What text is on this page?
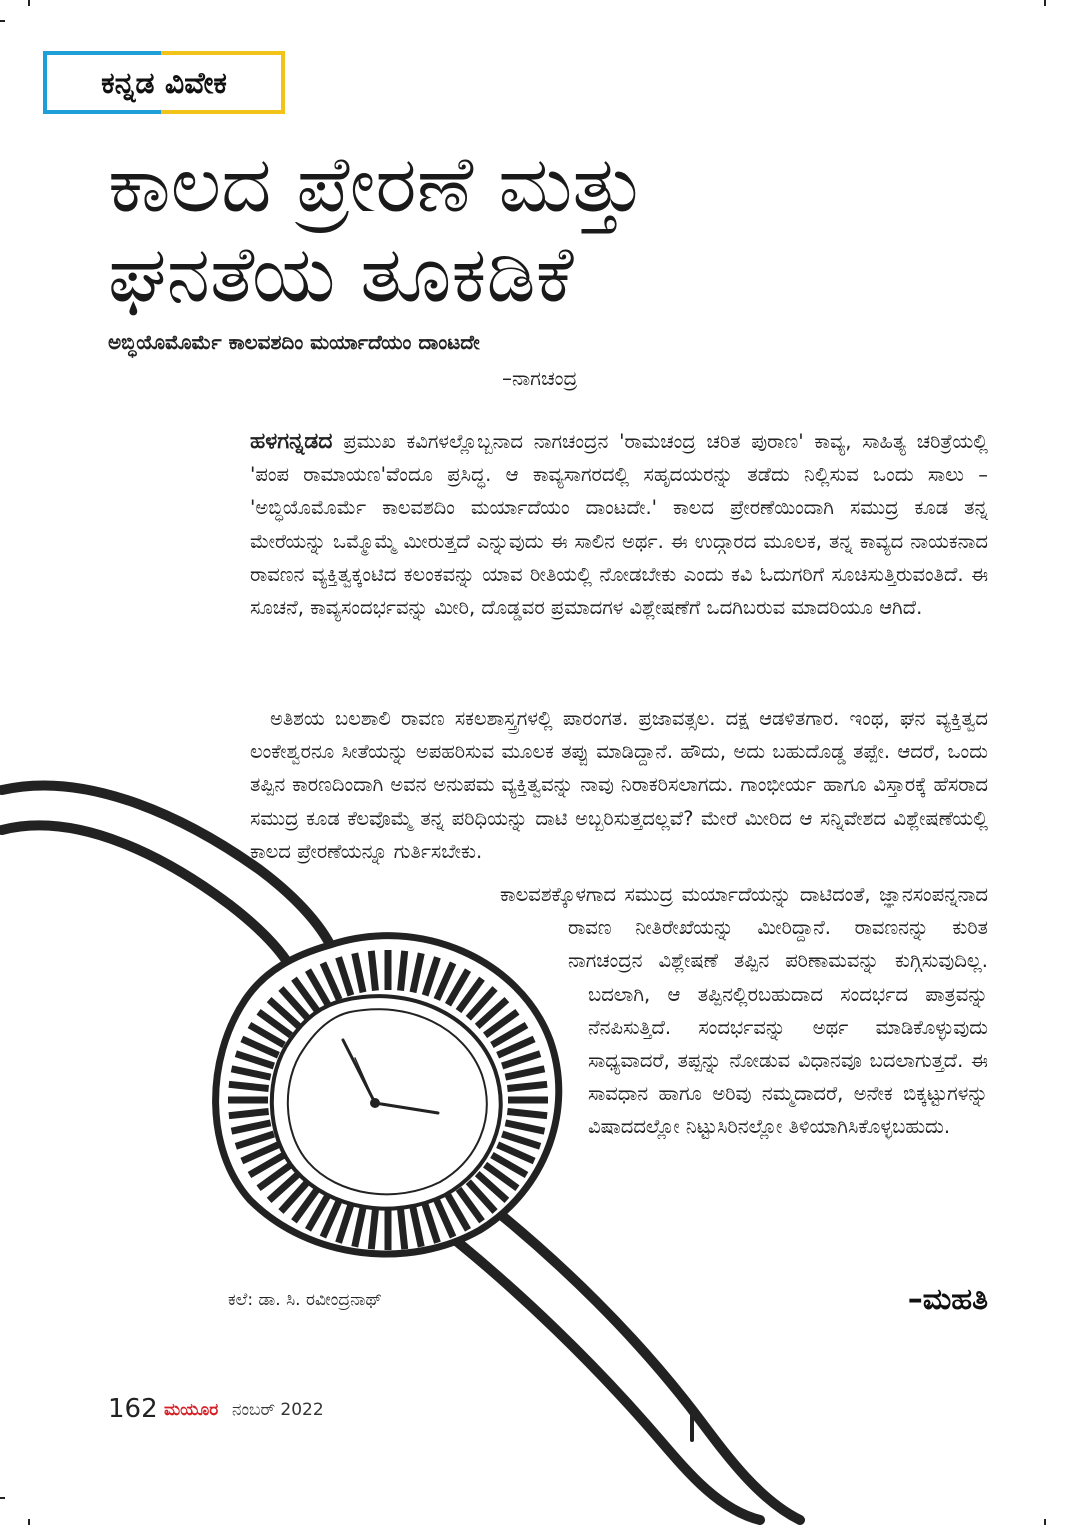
ಕನ್ನಡ ವಿವೇಕ
ಕಾಲದ ಪ್ರೇರಣೆ ಮತ್ತು
ಘನತೆಯ ತೂಕಡಿಕೆ
ಅಬ್ಧಿಯೊಮೊರ್ಮೆ ಕಾಲವಶದಿಂ ಮರ್ಯಾದೆಯಂ ದಾಂಟದೇ
–ನಾಗಚಂದ್ರ

ಹಳಗನ್ನಡದ ಪ್ರಮುಖ ಕವಿಗಳಲ್ಲೊಬ್ಬನಾದ ನಾಗಚಂದ್ರನ 'ರಾಮಚಂದ್ರ ಚರಿತ ಪುರಾಣ' ಕಾವ್ಯ, ಸಾಹಿತ್ಯ ಚರಿತ್ರೆಯಲ್ಲಿ 'ಪಂಪ ರಾಮಾಯಣ'ವೆಂದೂ ಪ್ರಸಿದ್ಧ. ಆ ಕಾವ್ಯಸಾಗರದಲ್ಲಿ ಸಹೃದಯರನ್ನು ತಡೆದು ನಿಲ್ಲಿಸುವ ಒಂದು ಸಾಲು – 'ಅಬ್ಧಿಯೊಮೊರ್ಮೆ ಕಾಲವಶದಿಂ ಮರ್ಯಾದೆಯಂ ದಾಂಟದೇ.' ಕಾಲದ ಪ್ರೇರಣೆಯಿಂದಾಗಿ ಸಮುದ್ರ ಕೂಡ ತನ್ನ ಮೇರೆಯನ್ನು ಒಮ್ಮೊಮ್ಮೆ ಮೀರುತ್ತದೆ ಎನ್ನುವುದು ಈ ಸಾಲಿನ ಅರ್ಥ. ಈ ಉದ್ಗಾರದ ಮೂಲಕ, ತನ್ನ ಕಾವ್ಯದ ನಾಯಕನಾದ ರಾವಣನ ವ್ಯಕ್ತಿತ್ವಕ್ಕಂಟಿದ ಕಲಂಕವನ್ನು ಯಾವ ರೀತಿಯಲ್ಲಿ ನೋಡಬೇಕು ಎಂದು ಕವಿ ಓದುಗರಿಗೆ ಸೂಚಿಸುತ್ತಿರುವಂತಿದೆ. ಈ ಸೂಚನೆ, ಕಾವ್ಯಸಂದರ್ಭವನ್ನು ಮೀರಿ, ದೊಡ್ಡವರ ಪ್ರಮಾದಗಳ ವಿಶ್ಲೇಷಣೆಗೆ ಒದಗಿಬರುವ ಮಾದರಿಯೂ ಆಗಿದೆ.

ಅತಿಶಯ ಬಲಶಾಲಿ ರಾವಣ ಸಕಲಶಾಸ್ತ್ರಗಳಲ್ಲಿ ಪಾರಂಗತ. ಪ್ರಜಾವತ್ಸಲ. ದಕ್ಷ ಆಡಳಿತಗಾರ. ಇಂಥ, ಘನ ವ್ಯಕ್ತಿತ್ವದ ಲಂಕೇಶ್ವರನೂ ಸೀತೆಯನ್ನು ಅಪಹರಿಸುವ ಮೂಲಕ ತಪ್ಪು ಮಾಡಿದ್ದಾನೆ. ಹೌದು, ಅದು ಬಹುದೊಡ್ಡ ತಪ್ಪೇ. ಆದರೆ, ಒಂದು ತಪ್ಪಿನ ಕಾರಣದಿಂದಾಗಿ ಅವನ ಅನುಪಮ ವ್ಯಕ್ತಿತ್ವವನ್ನು ನಾವು ನಿರಾಕರಿಸಲಾಗದು. ಗಾಂಭೀರ್ಯ ಹಾಗೂ ವಿಸ್ತಾರಕ್ಕೆ ಹೆಸರಾದ ಸಮುದ್ರ ಕೂಡ ಕೆಲವೊಮ್ಮೆ ತನ್ನ ಪರಿಧಿಯನ್ನು ದಾಟಿ ಅಬ್ಬರಿಸುತ್ತದಲ್ಲವೆ? ಮೇರೆ ಮೀರಿದ ಆ ಸನ್ನಿವೇಶದ ವಿಶ್ಲೇಷಣೆಯಲ್ಲಿ ಕಾಲದ ಪ್ರೇರಣೆಯನ್ನೂ ಗುರ್ತಿಸಬೇಕು.

ಕಾಲವಶಕ್ಕೊಳಗಾದ ಸಮುದ್ರ ಮರ್ಯಾದೆಯನ್ನು ದಾಟಿದಂತೆ, ಜ್ಞಾನಸಂಪನ್ನನಾದ ರಾವಣ ನೀತಿರೇಖೆಯನ್ನು ಮೀರಿದ್ದಾನೆ. ರಾವಣನನ್ನು ಕುರಿತ ನಾಗಚಂದ್ರನ ವಿಶ್ಲೇಷಣೆ ತಪ್ಪಿನ ಪರಿಣಾಮವನ್ನು ಕುಗ್ಗಿಸುವುದಿಲ್ಲ. ಬದಲಾಗಿ, ಆ ತಪ್ಪಿನಲ್ಲಿರಬಹುದಾದ ಸಂದರ್ಭದ ಪಾತ್ರವನ್ನು ನೆನಪಿಸುತ್ತಿದೆ. ಸಂದರ್ಭವನ್ನು ಅರ್ಥ ಮಾಡಿಕೊಳ್ಳುವುದು ಸಾಧ್ಯವಾದರೆ, ತಪ್ಪನ್ನು ನೋಡುವ ವಿಧಾನವೂ ಬದಲಾಗುತ್ತದೆ. ಈ ಸಾವಧಾನ ಹಾಗೂ ಅರಿವು ನಮ್ಮದಾದರೆ, ಅನೇಕ ಬಿಕ್ಕಟ್ಟುಗಳನ್ನು ವಿಷಾದದಲ್ಲೋ ನಿಟ್ಟುಸಿರಿನಲ್ಲೋ ತಿಳಿಯಾಗಿಸಿಕೊಳ್ಳಬಹುದು.

ಕಲೆ: ಡಾ. ಸಿ. ರವೀಂದ್ರನಾಥ್	–ಮಹತಿ
162 ಮಯೂರ ನಂಬರ್ 2022
